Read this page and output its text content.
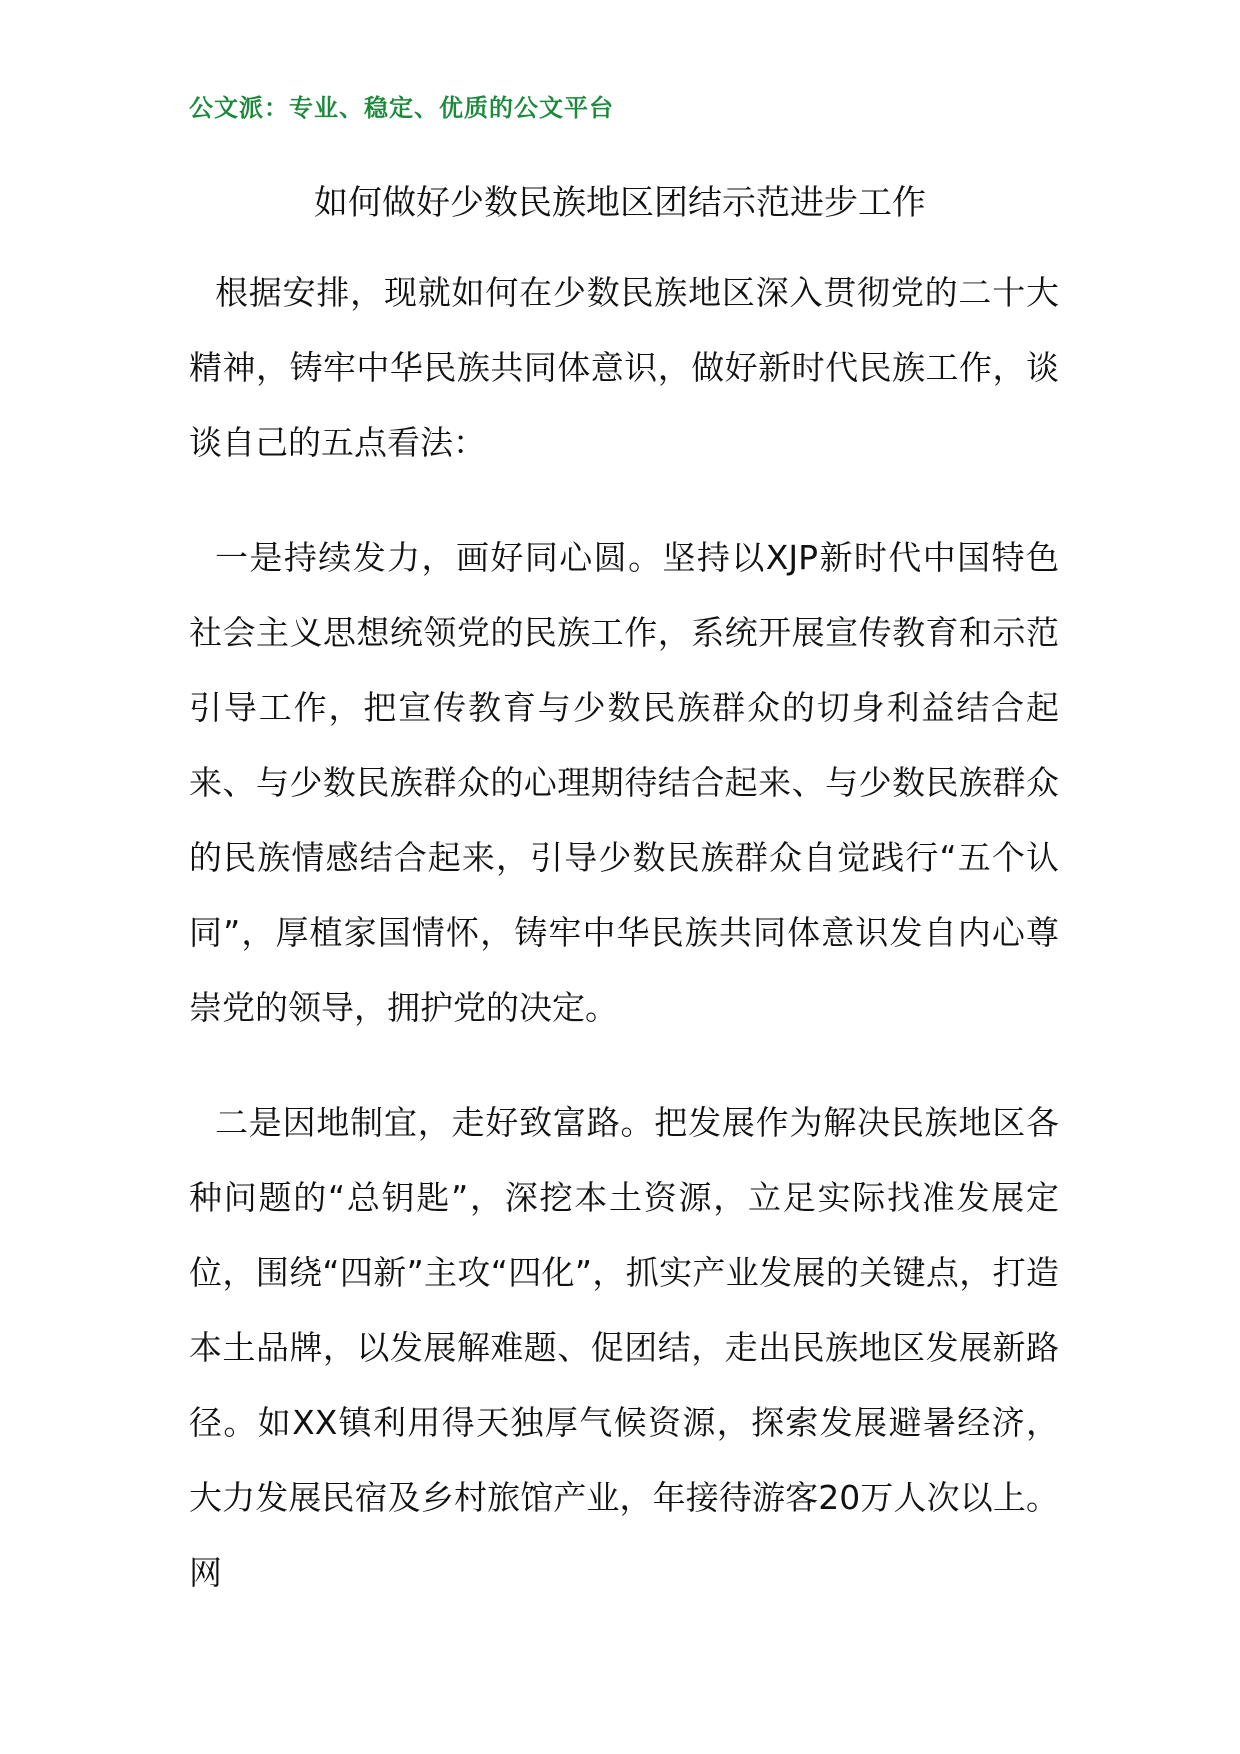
公文派：专业、稳定、优质的公文平台
如何做好少数民族地区团结示范进步工作

根据安排，现就如何在少数民族地区深入贯彻党的二十大精神，铸牢中华民族共同体意识，做好新时代民族工作，谈谈自己的五点看法：

一是持续发力，画好同心圆。坚持以XJP新时代中国特色社会主义思想统领党的民族工作，系统开展宣传教育和示范引导工作，把宣传教育与少数民族群众的切身利益结合起来、与少数民族群众的心理期待结合起来、与少数民族群众的民族情感结合起来，引导少数民族群众自觉践行“五个认同”，厚植家国情怀，铸牢中华民族共同体意识发自内心尊崇党的领导，拥护党的决定。

二是因地制宜，走好致富路。把发展作为解决民族地区各种问题的“总钥匙”，深挖本土资源，立足实际找准发展定位，围绕“四新”主攻“四化”，抓实产业发展的关键点，打造本土品牌，以发展解难题、促团结，走出民族地区发展新路径。如XX镇利用得天独厚气候资源，探索发展避暑经济，大力发展民宿及乡村旅馆产业，年接待游客20万人次以上。网
